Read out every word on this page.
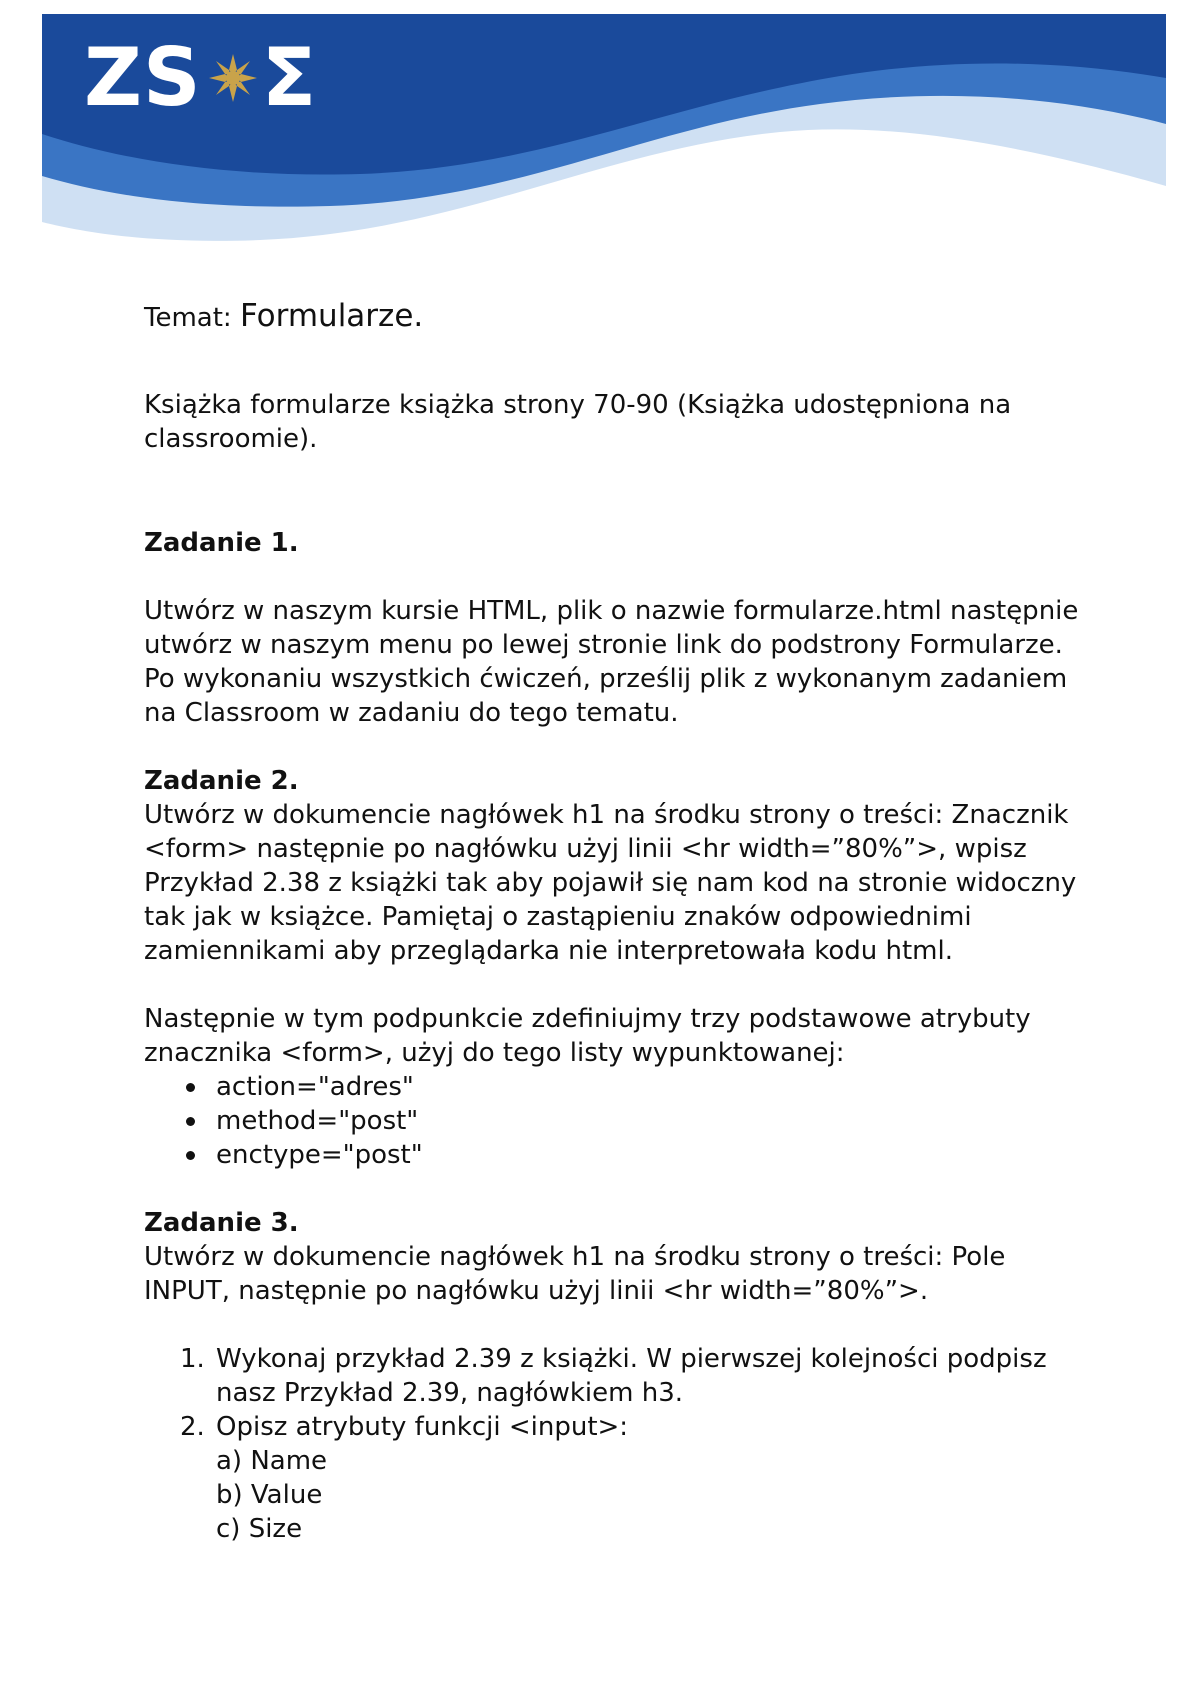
ZS Σ

Temat: Formularze.

Książka formularze książka strony 70-90 (Książka udostępniona na

classroomie).

Zadanie 1.

Utwórz w naszym kursie HTML, plik o nazwie formularze.html następnie

utwórz w naszym menu po lewej stronie link do podstrony Formularze.

Po wykonaniu wszystkich ćwiczeń, prześlij plik z wykonanym zadaniem

na Classroom w zadaniu do tego tematu.

Zadanie 2.

Utwórz w dokumencie nagłówek h1 na środku strony o treści: Znacznik

<form> następnie po nagłówku użyj linii <hr width=”80%”>, wpisz

Przykład 2.38 z książki tak aby pojawił się nam kod na stronie widoczny

tak jak w książce. Pamiętaj o zastąpieniu znaków odpowiednimi

zamiennikami aby przeglądarka nie interpretowała kodu html.

Następnie w tym podpunkcie zdefiniujmy trzy podstawowe atrybuty

znacznika <form>, użyj do tego listy wypunktowanej:

action="adres"
method="post"
enctype="post"

Zadanie 3.

Utwórz w dokumencie nagłówek h1 na środku strony o treści: Pole

INPUT, następnie po nagłówku użyj linii <hr width=”80%”>.

1. Wykonaj przykład 2.39 z książki. W pierwszej kolejności podpisz
nasz Przykład 2.39, nagłówkiem h3.
2. Opisz atrybuty funkcji <input>:
a) Name
b) Value
c) Size
